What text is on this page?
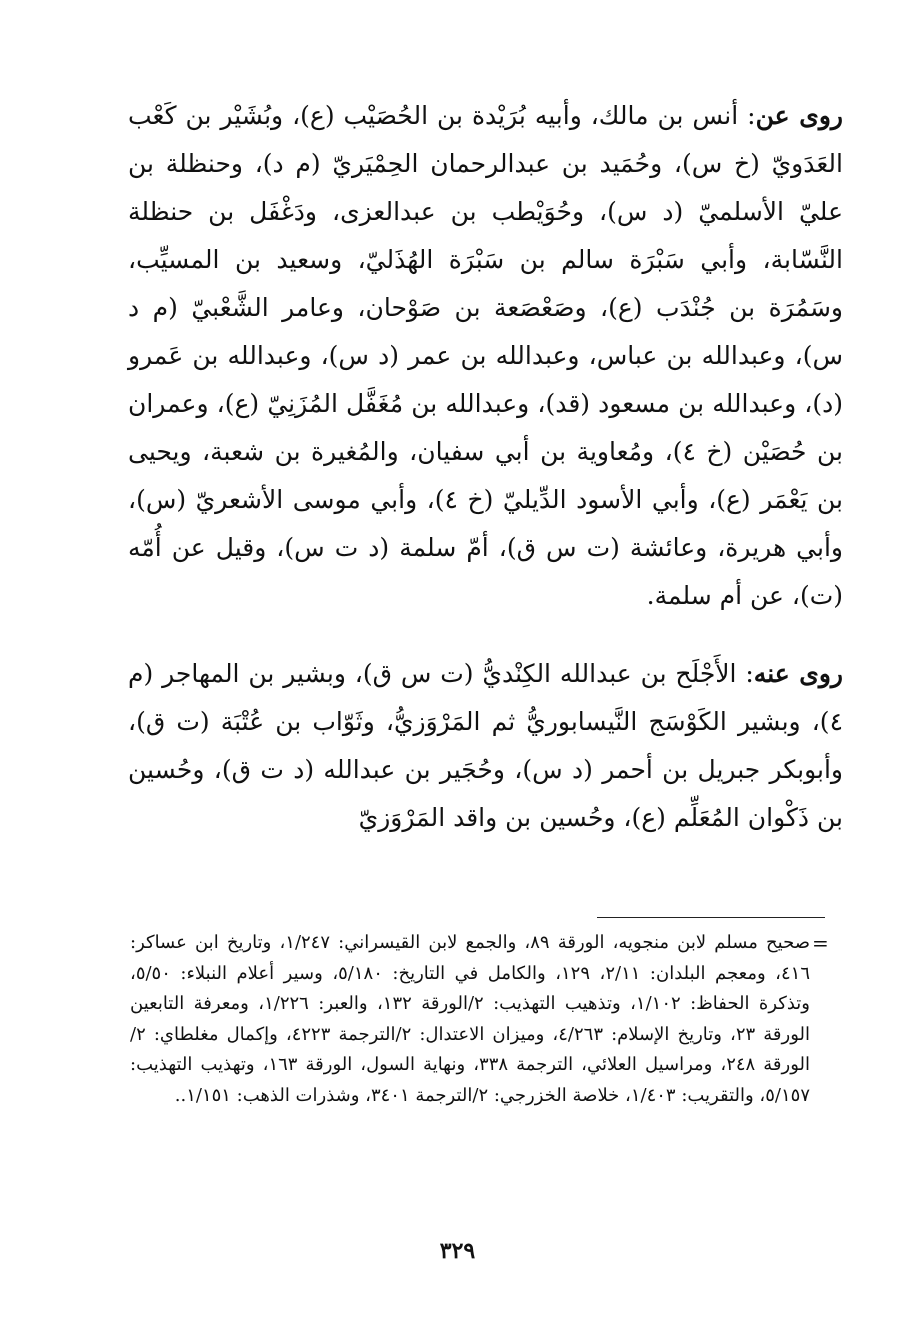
روى عن: أنس بن مالك، وأبيه بُرَيْدة بن الحُصَيْب (ع)، وبُشَيْر بن كَعْب العَدَويّ (خ س)، وحُمَيد بن عبدالرحمان الحِمْيَريّ (م د)، وحنظلة بن عليّ الأسلميّ (د س)، وحُوَيْطب بن عبدالعزى، ودَغْفَل بن حنظلة النَّسّابة، وأبي سَبْرَة سالم بن سَبْرَة الهُذَليّ، وسعيد بن المسيِّب، وسَمُرَة بن جُنْدَب (ع)، وصَعْصَعة بن صَوْحان، وعامر الشَّعْبيّ (م د س)، وعبدالله بن عباس، وعبدالله بن عمر (د س)، وعبدالله بن عَمرو (د)، وعبدالله بن مسعود (قد)، وعبدالله بن مُغَفَّل المُزَنِيّ (ع)، وعمران بن حُصَيْن (خ ٤)، ومُعاوية بن أبي سفيان، والمُغيرة بن شعبة، ويحيى بن يَعْمَر (ع)، وأبي الأسود الدِّيليّ (خ ٤)، وأبي موسى الأشعريّ (س)، وأبي هريرة، وعائشة (ت س ق)، أمّ سلمة (د ت س)، وقيل عن أُمّه (ت)، عن أم سلمة.

روى عنه: الأَجْلَح بن عبدالله الكِنْديُّ (ت س ق)، وبشير بن المهاجر (م ٤)، وبشير الكَوْسَج النَّيسابوريُّ ثم المَرْوَزيُّ، وثَوّاب بن عُتْبَة (ت ق)، وأبوبكر جبريل بن أحمر (د س)، وحُجَير بن عبدالله (د ت ق)، وحُسين بن ذَكْوان المُعَلِّم (ع)، وحُسين بن واقد المَرْوَزيّ

=
صحيح مسلم لابن منجويه، الورقة ٨٩، والجمع لابن القيسراني: ١/٢٤٧، وتاريخ ابن عساكر: ٤١٦، ومعجم البلدان: ٢/١١، ١٢٩، والكامل في التاريخ: ٥/١٨٠، وسير أعلام النبلاء: ٥/٥٠، وتذكرة الحفاظ: ١/١٠٢، وتذهيب التهذيب: ٢/الورقة ١٣٢، والعبر: ١/٢٢٦، ومعرفة التابعين الورقة ٢٣، وتاريخ الإسلام: ٤/٢٦٣، وميزان الاعتدال: ٢/الترجمة ٤٢٢٣، وإكمال مغلطاي: ٢/الورقة ٢٤٨، ومراسيل العلائي، الترجمة ٣٣٨، ونهاية السول، الورقة ١٦٣، وتهذيب التهذيب: ٥/١٥٧، والتقريب: ١/٤٠٣، خلاصة الخزرجي: ٢/الترجمة ٣٤٠١، وشذرات الذهب: ١/١٥١..
٣٢٩
